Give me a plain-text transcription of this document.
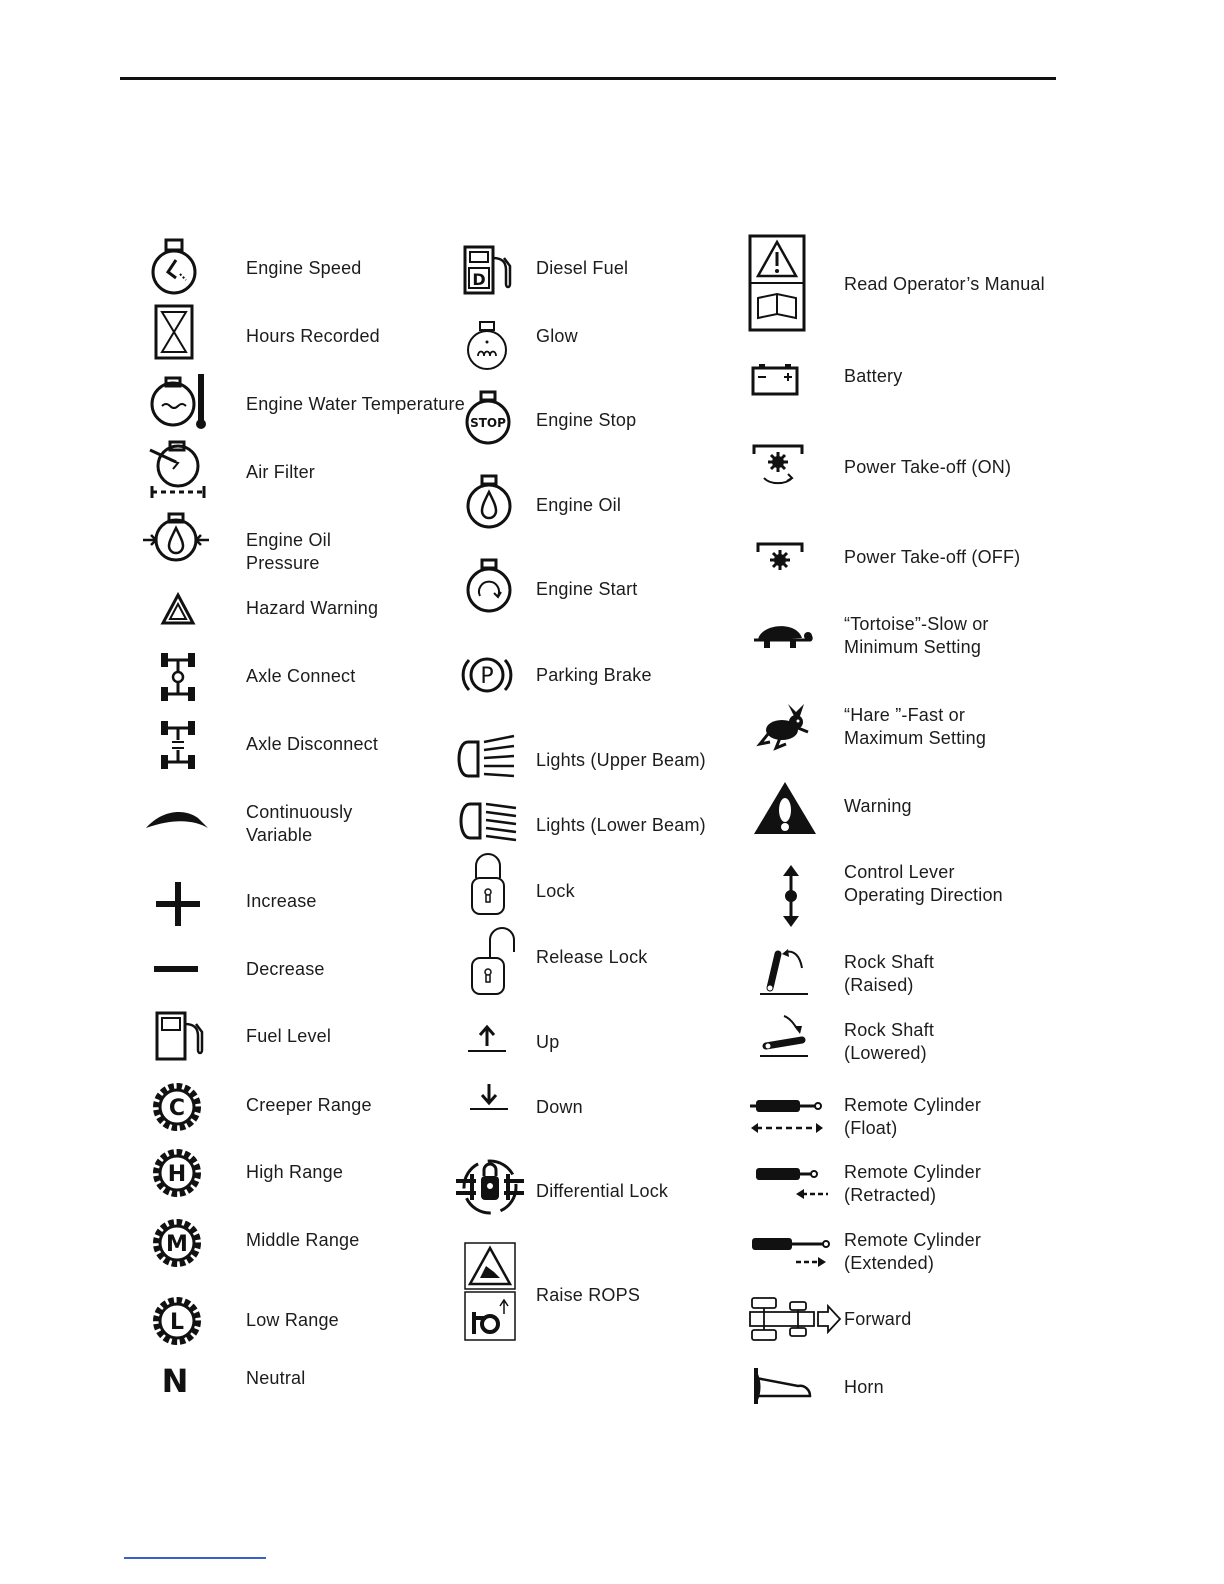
Engine Speed
Hours Recorded
Engine Water Temperature
Air Filter
Engine Oil
Pressure
Hazard Warning
Axle Connect
Axle Disconnect
Continuously
Variable
Increase
Decrease
Fuel Level
C	Creeper Range
H	High Range
M	Middle Range
L	Low Range
N	Neutral
D
Diesel Fuel
Glow
STOP Engine Stop
Engine Oil
Engine Start
P Parking Brake
Lights (Upper Beam)
Lights (Lower Beam)
Lock
Release Lock
Up
Down
Differential Lock
Raise ROPS
Read Operator’s Manual
Battery
Power Take-off (ON)
Power Take-off (OFF)
“Tortoise”-Slow or
Minimum Setting
“Hare ”-Fast or
Maximum Setting
Warning
Control Lever
Operating Direction
Rock Shaft
(Raised)
Rock Shaft
(Lowered)
Remote Cylinder
(Float)
Remote Cylinder
(Retracted)
Remote Cylinder
(Extended)
Forward
Horn
